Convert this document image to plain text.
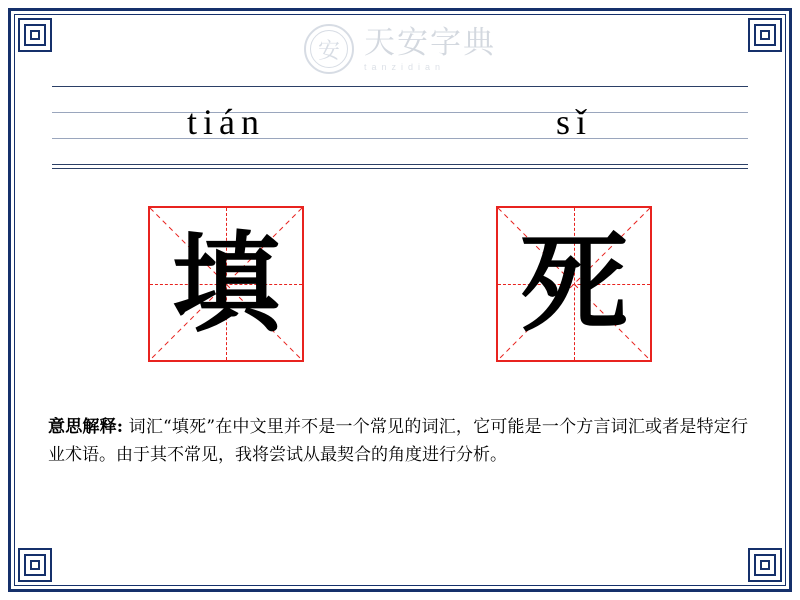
安 天安字典
tanzidian
tián	sǐ
填 死
意思解释: 词汇“填死”在中文里并不是一个常见的词汇，它可能是一个方言词汇或者是特定行业术语。由于其不常见，我将尝试从最契合的角度进行分析。
